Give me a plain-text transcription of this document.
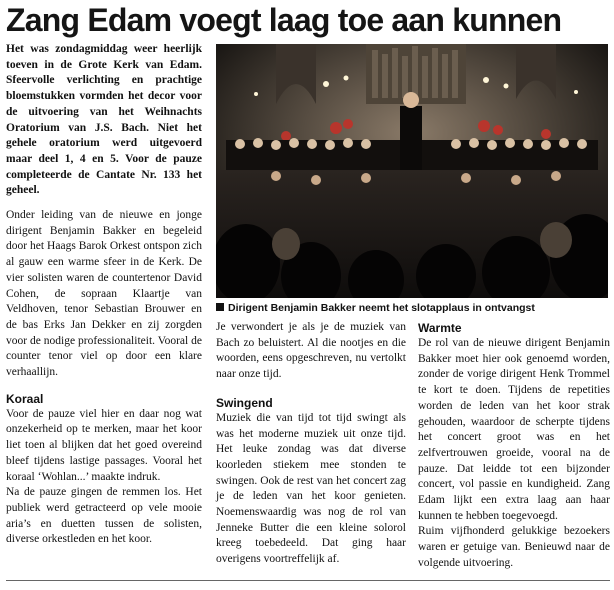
Zang Edam voegt laag toe aan kunnen

Het was zondagmiddag weer heerlijk toeven in de Grote Kerk van Edam. Sfeervolle verlichting en prachtige bloemstukken vormden het decor voor de uitvoering van het Weihnachts Oratorium van J.S. Bach. Niet het gehele oratorium werd uitgevoerd maar deel 1, 4 en 5. Voor de pauze completeerde de Cantate Nr. 133 het geheel.

Onder leiding van de nieuwe en jonge dirigent Benjamin Bakker en begeleid door het Haags Barok Orkest ontspon zich al gauw een warme sfeer in de Kerk. De vier solisten waren de countertenor David Cohen, de sopraan Klaartje van Veldhoven, tenor Sebastian Brouwer en de bas Erks Jan Dekker en zij zorgden voor de nodige professionaliteit. Vooral de counter tenor viel op door een klare verhaallijn.

Koraal

Voor de pauze viel hier en daar nog wat onzekerheid op te merken, maar het koor liet toen al blijken dat het goed overeind bleef tijdens lastige passages. Vooral het koraal ‘Wohlan...’ maakte indruk.

Na de pauze gingen de remmen los. Het publiek werd getracteerd op vele mooie aria’s en duetten tussen de solisten, diverse orkestleden en het koor.

Dirigent Benjamin Bakker neemt het slotapplaus in ontvangst

Je verwondert je als je de muziek van Bach zo beluistert. Al die nootjes en die woorden, eens opgeschreven, nu vertolkt naar onze tijd.

Swingend

Muziek die van tijd tot tijd swingt als was het moderne muziek uit onze tijd. Het leuke zondag was dat diverse koorleden stiekem mee stonden te swingen. Ook de rest van het concert zag je de leden van het koor genieten. Noemenswaardig was nog de rol van Jenneke Butter die een kleine solorol kreeg toebedeeld. Dat ging haar overigens voortreffelijk af.

Warmte

De rol van de nieuwe dirigent Benjamin Bakker moet hier ook genoemd worden, zonder de vorige dirigent Henk Trommel te kort te doen. Tijdens de repetities worden de leden van het koor strak gehouden, waardoor de scherpte tijdens het concert groot was en het zelfvertrouwen groeide, vooral na de pauze. Dat leidde tot een bijzonder concert, vol passie en kundigheid. Zang Edam lijkt een extra laag aan haar kunnen te hebben toegevoegd.

Ruim vijfhonderd gelukkige bezoekers waren er getuige van. Benieuwd naar de volgende uitvoering.
